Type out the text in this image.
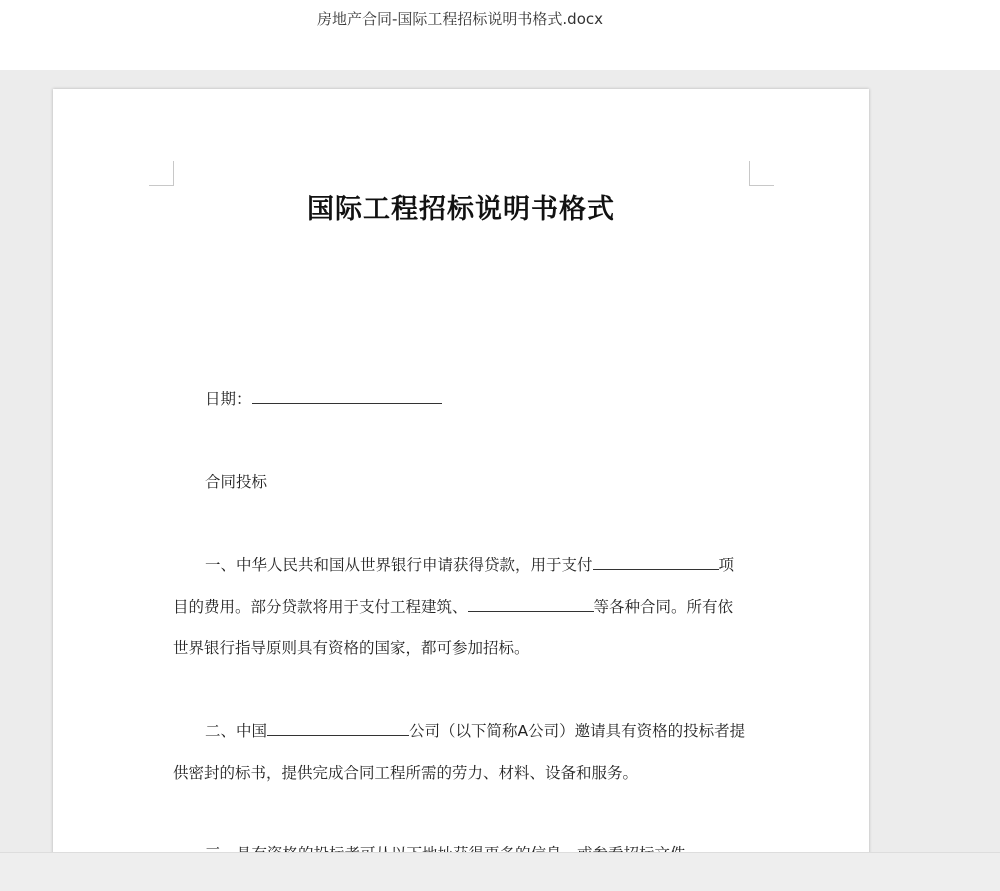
房地产合同-国际工程招标说明书格式.docx
国际工程招标说明书格式
日期：
合同投标
一、中华人民共和国从世界银行申请获得贷款，用于支付	项
目的费用。部分贷款将用于支付工程建筑、	等各种合同。所有依
世界银行指导原则具有资格的国家，都可参加招标。
二、中国	公司（以下简称A公司）邀请具有资格的投标者提
供密封的标书，提供完成合同工程所需的劳力、材料、设备和服务。
